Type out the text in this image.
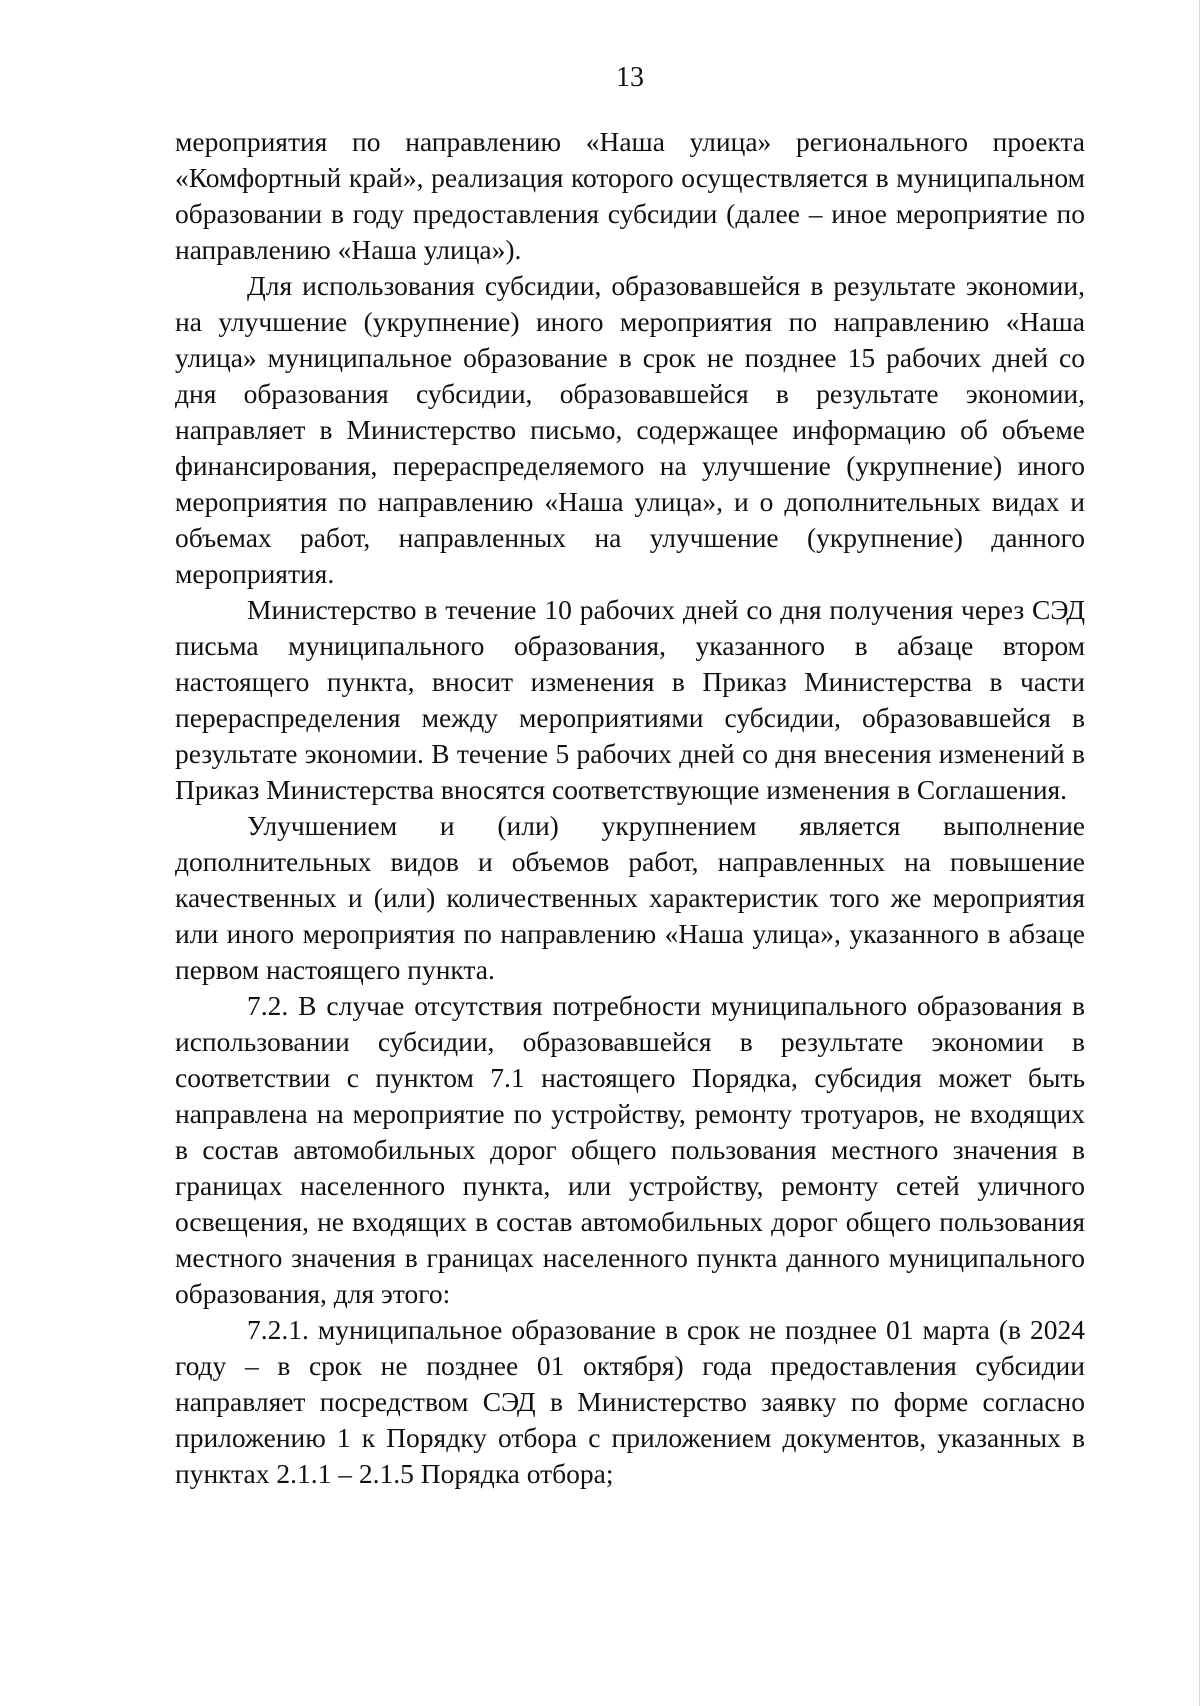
13

мероприятия по направлению «Наша улица» регионального проекта «Комфортный край», реализация которого осуществляется в муниципальном образовании в году предоставления субсидии (далее – иное мероприятие по направлению «Наша улица»).

Для использования субсидии, образовавшейся в результате экономии, на улучшение (укрупнение) иного мероприятия по направлению «Наша улица» муниципальное образование в срок не позднее 15 рабочих дней со дня образования субсидии, образовавшейся в результате экономии, направляет в Министерство письмо, содержащее информацию об объеме финансирования, перераспределяемого на улучшение (укрупнение) иного мероприятия по направлению «Наша улица», и о дополнительных видах и объемах работ, направленных на улучшение (укрупнение) данного мероприятия.

Министерство в течение 10 рабочих дней со дня получения через СЭД письма муниципального образования, указанного в абзаце втором настоящего пункта, вносит изменения в Приказ Министерства в части перераспределения между мероприятиями субсидии, образовавшейся в результате экономии. В течение 5 рабочих дней со дня внесения изменений в Приказ Министерства вносятся соответствующие изменения в Соглашения.

Улучшением и (или) укрупнением является выполнение дополнительных видов и объемов работ, направленных на повышение качественных и (или) количественных характеристик того же мероприятия или иного мероприятия по направлению «Наша улица», указанного в абзаце первом настоящего пункта.

7.2. В случае отсутствия потребности муниципального образования в использовании субсидии, образовавшейся в результате экономии в соответствии с пунктом 7.1 настоящего Порядка, субсидия может быть направлена на мероприятие по устройству, ремонту тротуаров, не входящих в состав автомобильных дорог общего пользования местного значения в границах населенного пункта, или устройству, ремонту сетей уличного освещения, не входящих в состав автомобильных дорог общего пользования местного значения в границах населенного пункта данного муниципального образования, для этого:

7.2.1. муниципальное образование в срок не позднее 01 марта (в 2024 году – в срок не позднее 01 октября) года предоставления субсидии направляет посредством СЭД в Министерство заявку по форме согласно приложению 1 к Порядку отбора с приложением документов, указанных в пунктах 2.1.1 – 2.1.5 Порядка отбора;
